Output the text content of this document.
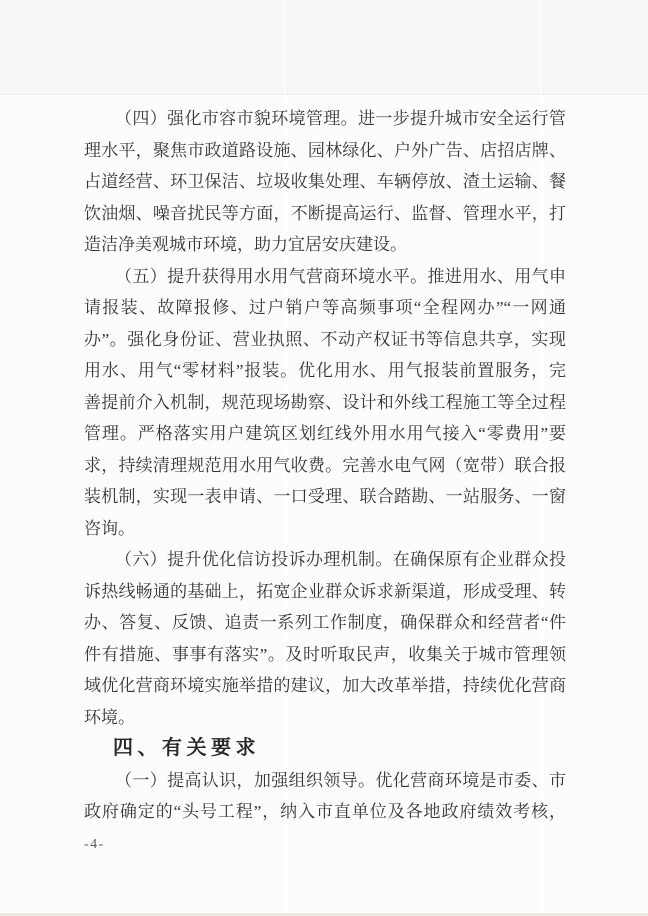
（四）强化市容市貌环境管理。进一步提升城市安全运行管
理水平，聚焦市政道路设施、园林绿化、户外广告、店招店牌、
占道经营、环卫保洁、垃圾收集处理、车辆停放、渣土运输、餐
饮油烟、噪音扰民等方面，不断提高运行、监督、管理水平，打
造洁净美观城市环境，助力宜居安庆建设。
（五）提升获得用水用气营商环境水平。推进用水、用气申
请报装、故障报修、过户销户等高频事项“全程网办”“一网通
办”。强化身份证、营业执照、不动产权证书等信息共享，实现
用水、用气“零材料”报装。优化用水、用气报装前置服务，完
善提前介入机制，规范现场勘察、设计和外线工程施工等全过程
管理。严格落实用户建筑区划红线外用水用气接入“零费用”要
求，持续清理规范用水用气收费。完善水电气网（宽带）联合报
装机制，实现一表申请、一口受理、联合踏勘、一站服务、一窗
咨询。
（六）提升优化信访投诉办理机制。在确保原有企业群众投
诉热线畅通的基础上，拓宽企业群众诉求新渠道，形成受理、转
办、答复、反馈、追责一系列工作制度，确保群众和经营者“件
件有措施、事事有落实”。及时听取民声，收集关于城市管理领
域优化营商环境实施举措的建议，加大改革举措，持续优化营商
环境。
四、有关要求
（一）提高认识，加强组织领导。优化营商环境是市委、市
政府确定的“头号工程”，纳入市直单位及各地政府绩效考核，
-4-
